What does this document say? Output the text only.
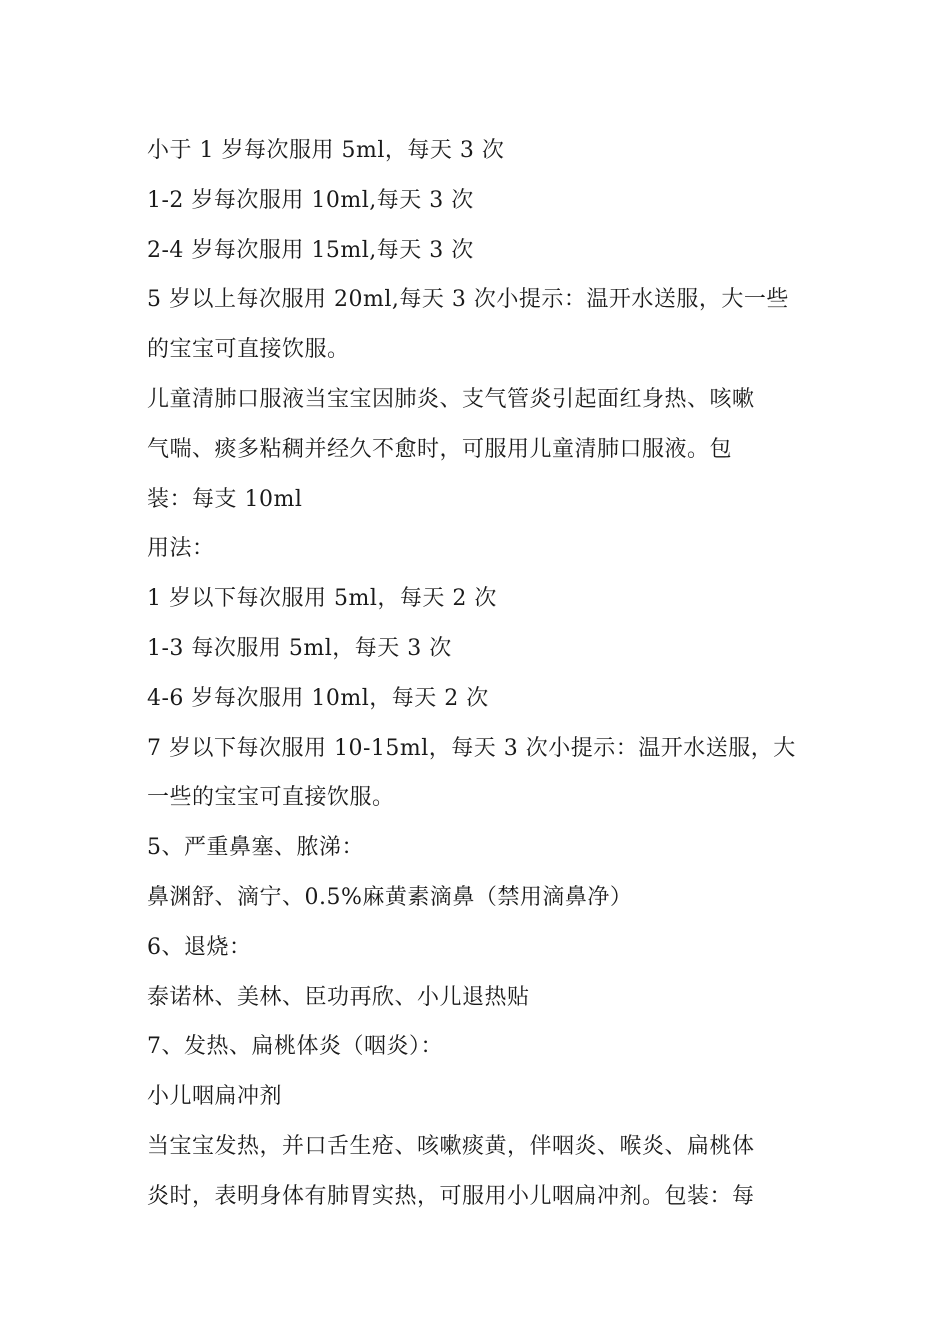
小于 1 岁每次服用 5ml，每天 3 次
1-2 岁每次服用 10ml,每天 3 次
2-4 岁每次服用 15ml,每天 3 次
5 岁以上每次服用 20ml,每天 3 次小提示：温开水送服，大一些
的宝宝可直接饮服。
儿童清肺口服液当宝宝因肺炎、支气管炎引起面红身热、咳嗽
气喘、痰多粘稠并经久不愈时，可服用儿童清肺口服液。包
装：每支 10ml
用法：
1 岁以下每次服用 5ml，每天 2 次
1-3 每次服用 5ml，每天 3 次
4-6 岁每次服用 10ml，每天 2 次
7 岁以下每次服用 10-15ml，每天 3 次小提示：温开水送服，大
一些的宝宝可直接饮服。
5、严重鼻塞、脓涕：
鼻渊舒、滴宁、0.5%麻黄素滴鼻（禁用滴鼻净）
6、退烧：
泰诺林、美林、臣功再欣、小儿退热贴
7、发热、扁桃体炎（咽炎）：
小儿咽扁冲剂
当宝宝发热，并口舌生疮、咳嗽痰黄，伴咽炎、喉炎、扁桃体
炎时，表明身体有肺胃实热，可服用小儿咽扁冲剂。包装：每
